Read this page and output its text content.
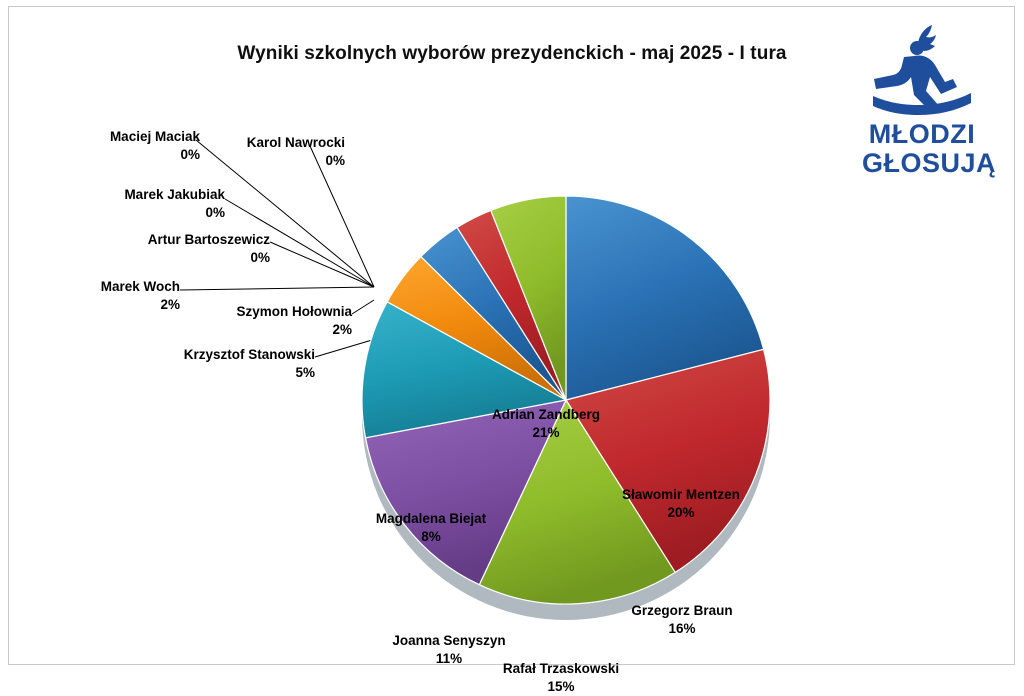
Wyniki szkolnych wyborów prezydenckich - maj 2025 - I tura
MŁODZI
GŁOSUJĄ
Adrian Zandberg
21%
Sławomir Mentzen
20%
Grzegorz Braun
16%
Rafał Trzaskowski
15%
Joanna Senyszyn
11%
Magdalena Biejat
8%
Maciej Maciak
0%
Marek Jakubiak
0%
Artur Bartoszewicz
0%
Marek Woch
2%
Karol Nawrocki
0%
Szymon Hołownia
2%
Krzysztof Stanowski
5%
